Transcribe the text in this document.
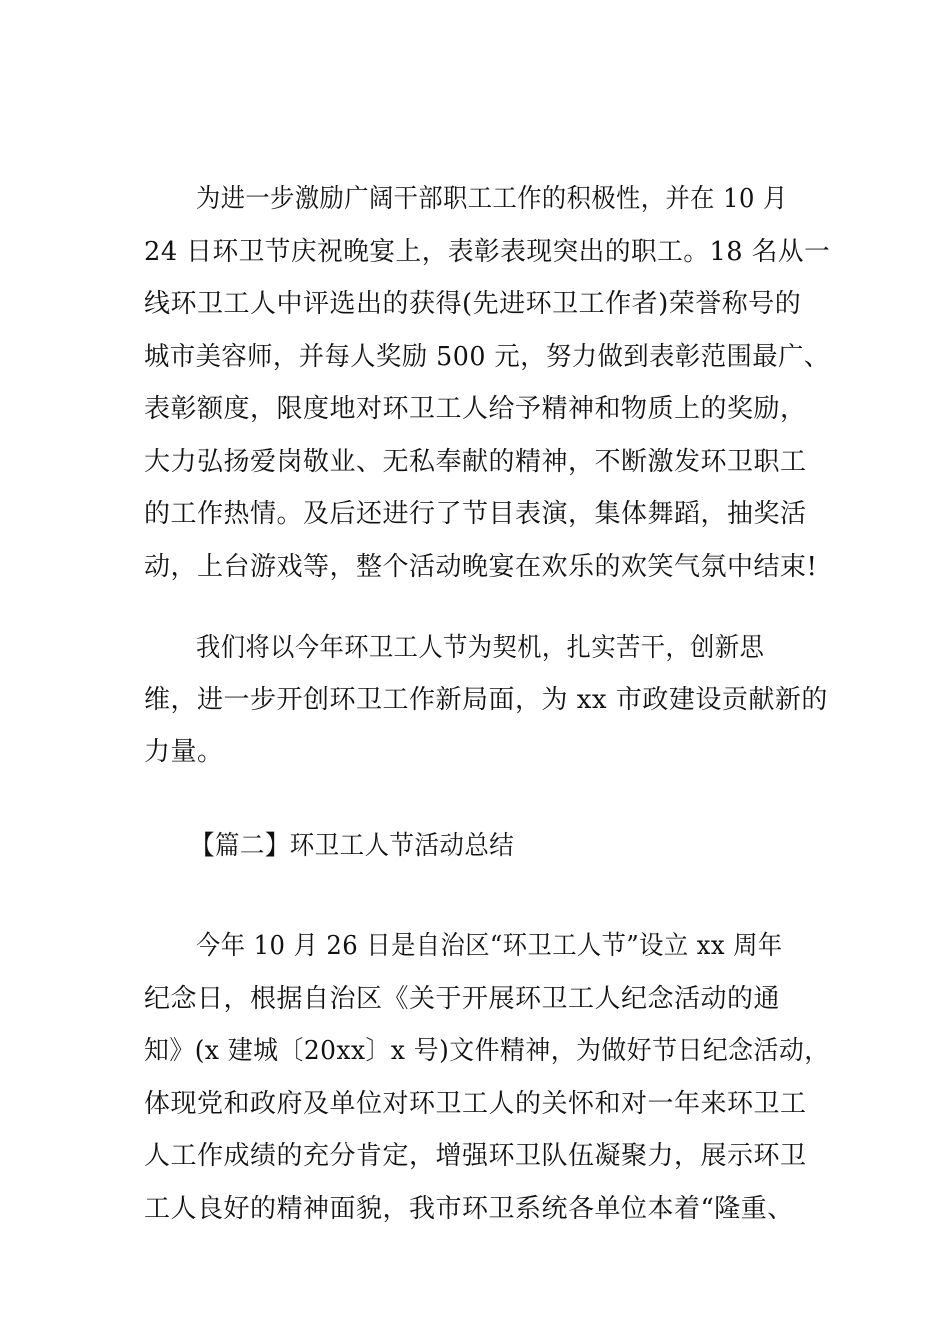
为进一步激励广阔干部职工工作的积极性，并在 10 月
24 日环卫节庆祝晚宴上，表彰表现突出的职工。18 名从一
线环卫工人中评选出的获得(先进环卫工作者)荣誉称号的
城市美容师，并每人奖励 500 元，努力做到表彰范围最广、
表彰额度，限度地对环卫工人给予精神和物质上的奖励，
大力弘扬爱岗敬业、无私奉献的精神，不断激发环卫职工
的工作热情。及后还进行了节目表演，集体舞蹈，抽奖活
动，上台游戏等，整个活动晚宴在欢乐的欢笑气氛中结束!
我们将以今年环卫工人节为契机，扎实苦干，创新思
维，进一步开创环卫工作新局面，为 xx 市政建设贡献新的
力量。
【篇二】环卫工人节活动总结
今年 10 月 26 日是自治区“环卫工人节”设立 xx 周年
纪念日，根据自治区《关于开展环卫工人纪念活动的通
知》(x 建城〔20xx〕x 号)文件精神，为做好节日纪念活动，
体现党和政府及单位对环卫工人的关怀和对一年来环卫工
人工作成绩的充分肯定，增强环卫队伍凝聚力，展示环卫
工人良好的精神面貌，我市环卫系统各单位本着“隆重、
